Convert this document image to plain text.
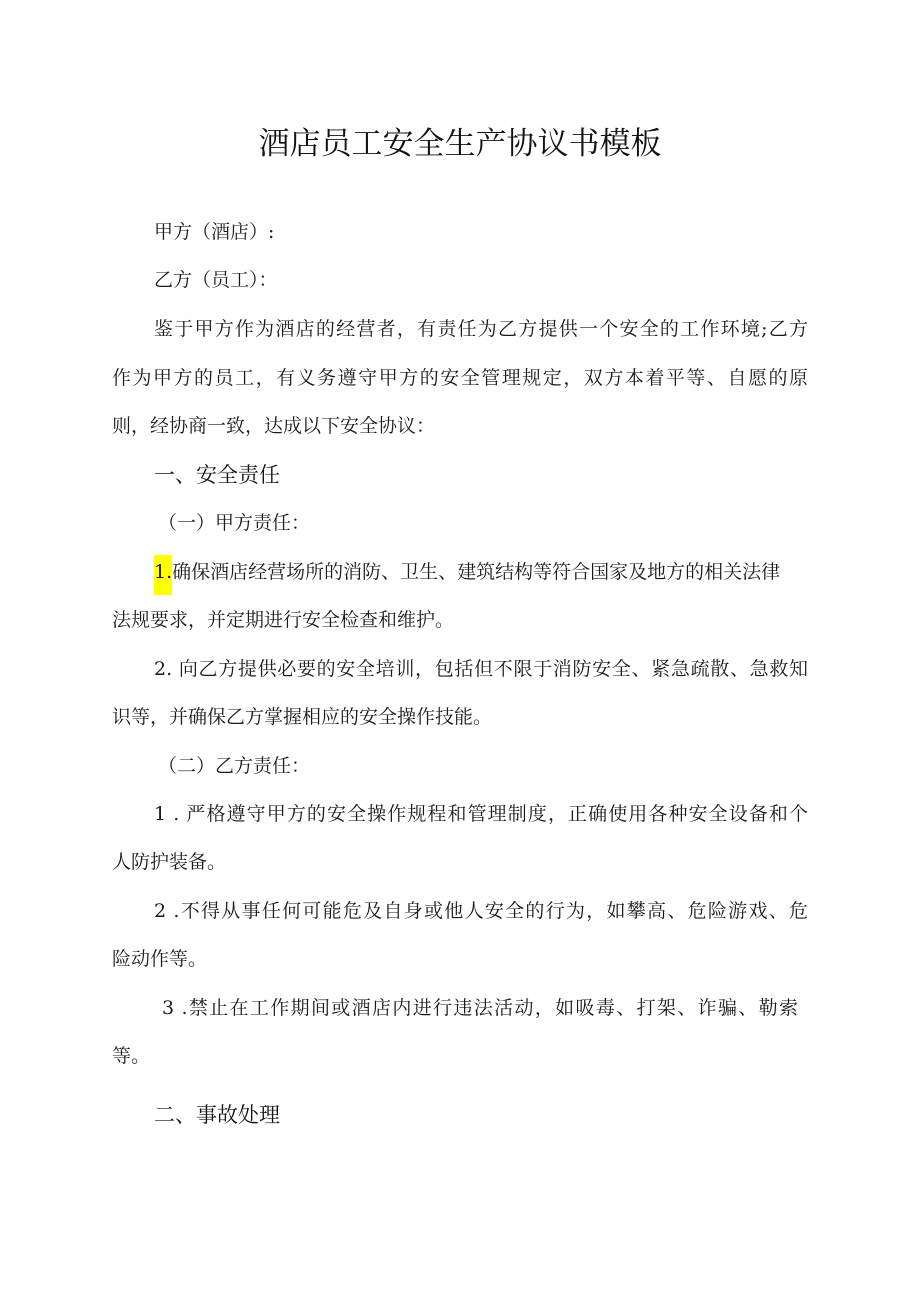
酒店员工安全生产协议书模板
甲方（酒店）:
乙方（员工）：
鉴于甲方作为酒店的经营者，有责任为乙方提供一个安全的工作环境;乙方
作为甲方的员工，有义务遵守甲方的安全管理规定，双方本着平等、自愿的原
则，经协商一致，达成以下安全协议：
一、安全责任
（一）甲方责任：
1.确保酒店经营场所的消防、卫生、建筑结构等符合国家及地方的相关法律
法规要求，并定期进行安全检查和维护。
2. 向乙方提供必要的安全培训，包括但不限于消防安全、紧急疏散、急救知
识等，并确保乙方掌握相应的安全操作技能。
（二）乙方责任：
1 . 严格遵守甲方的安全操作规程和管理制度，正确使用各种安全设备和个
人防护装备。
2 .不得从事任何可能危及自身或他人安全的行为，如攀高、危险游戏、危
险动作等。
3 .禁止在工作期间或酒店内进行违法活动，如吸毒、打架、诈骗、勒索
等。
二、事故处理
